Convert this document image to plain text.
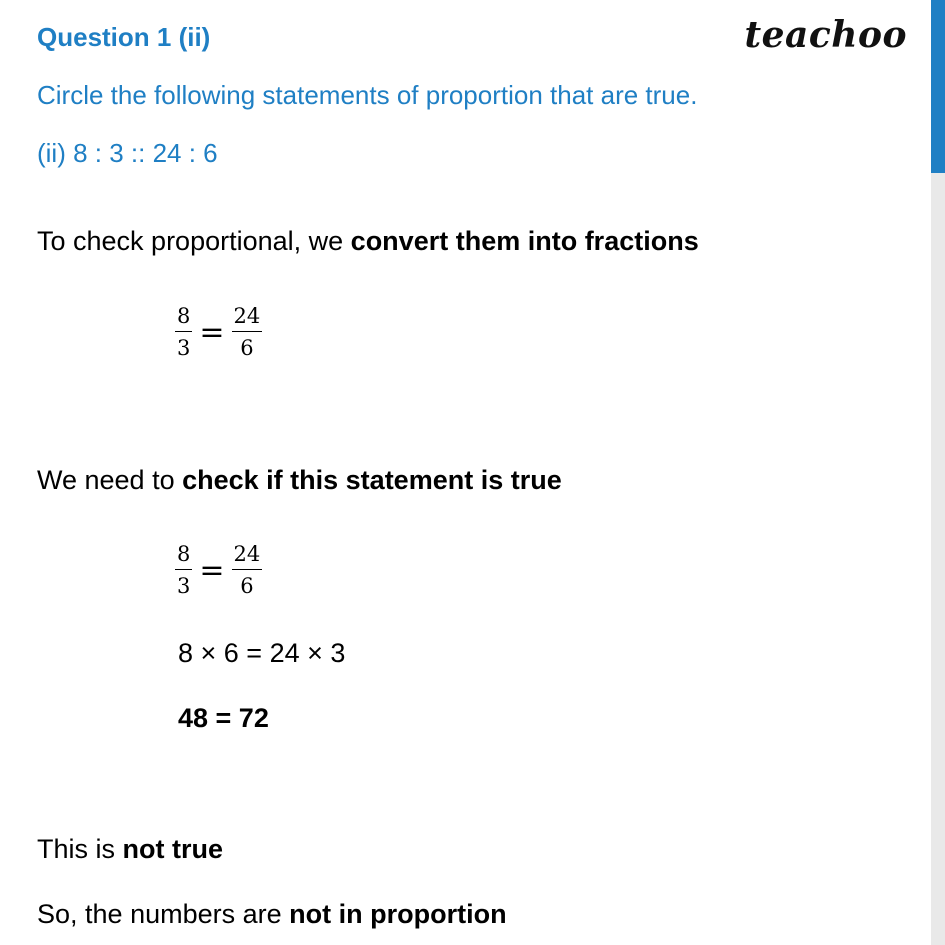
Question 1 (ii)	teachoo
Circle the following statements of proportion that are true.
(ii) 8 : 3 :: 24 : 6
To check proportional, we convert them into fractions
$\frac{8}{3} = \frac{24}{6}$
We need to check if this statement is true
$\frac{8}{3} = \frac{24}{6}$
8 × 6 = 24 × 3
48 = 72
This is not true
So, the numbers are not in proportion
